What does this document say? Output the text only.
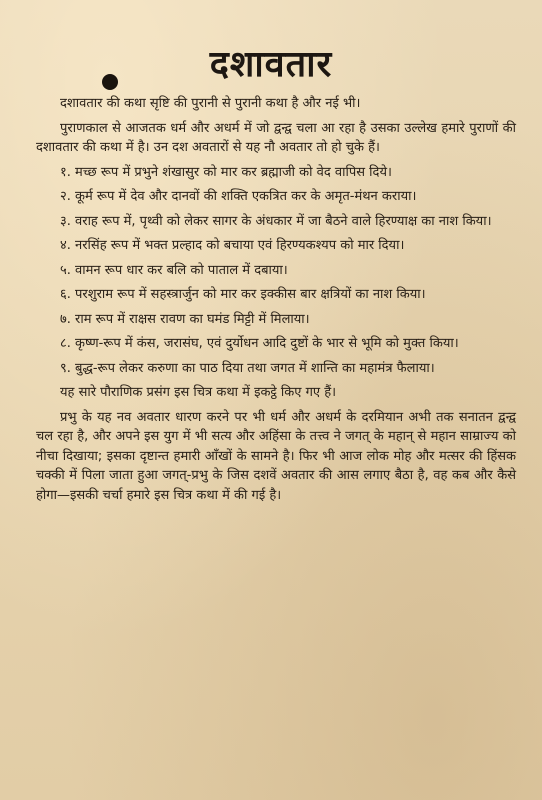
दशावतार

दशावतार की कथा सृष्टि की पुरानी से पुरानी कथा है और नई भी।

पुराणकाल से आजतक धर्म और अधर्म में जो द्वन्द्व चला आ रहा है उसका उल्लेख हमारे पुराणों की दशावतार की कथा में है। उन दश अवतारों से यह नौ अवतार तो हो चुके हैं।

१. मच्छ रूप में प्रभुने शंखासुर को मार कर ब्रह्माजी को वेद वापिस दिये।

२. कूर्म रूप में देव और दानवों की शक्ति एकत्रित कर के अमृत-मंथन कराया।

३. वराह रूप में, पृथ्वी को लेकर सागर के अंधकार में जा बैठने वाले हिरण्याक्ष का नाश किया।

४. नरसिंह रूप में भक्त प्रल्हाद को बचाया एवं हिरण्यकश्यप को मार दिया।

५. वामन रूप धार कर बलि को पाताल में दबाया।

६. परशुराम रूप में सहस्त्रार्जुन को मार कर इक्कीस बार क्षत्रियों का नाश किया।

७. राम रूप में राक्षस रावण का घमंड मिट्टी में मिलाया।

८. कृष्ण-रूप में कंस, जरासंघ, एवं दुर्योधन आदि दुष्टों के भार से भूमि को मुक्त किया।

९. बुद्ध-रूप लेकर करुणा का पाठ दिया तथा जगत में शान्ति का महामंत्र फैलाया।

यह सारे पौराणिक प्रसंग इस चित्र कथा में इकट्ठे किए गए हैं।

प्रभु के यह नव अवतार धारण करने पर भी धर्म और अधर्म के दरमियान अभी तक सनातन द्वन्द्व चल रहा है, और अपने इस युग में भी सत्य और अहिंसा के तत्त्व ने जगत् के महान् से महान साम्राज्य को नीचा दिखाया; इसका दृष्टान्त हमारी आँखों के सामने है। फिर भी आज लोक मोह और मत्सर की हिंसक चक्की में पिला जाता हुआ जगत्-प्रभु के जिस दशवें अवतार की आस लगाए बैठा है, वह कब और कैसे होगा—इसकी चर्चा हमारे इस चित्र कथा में की गई है।
